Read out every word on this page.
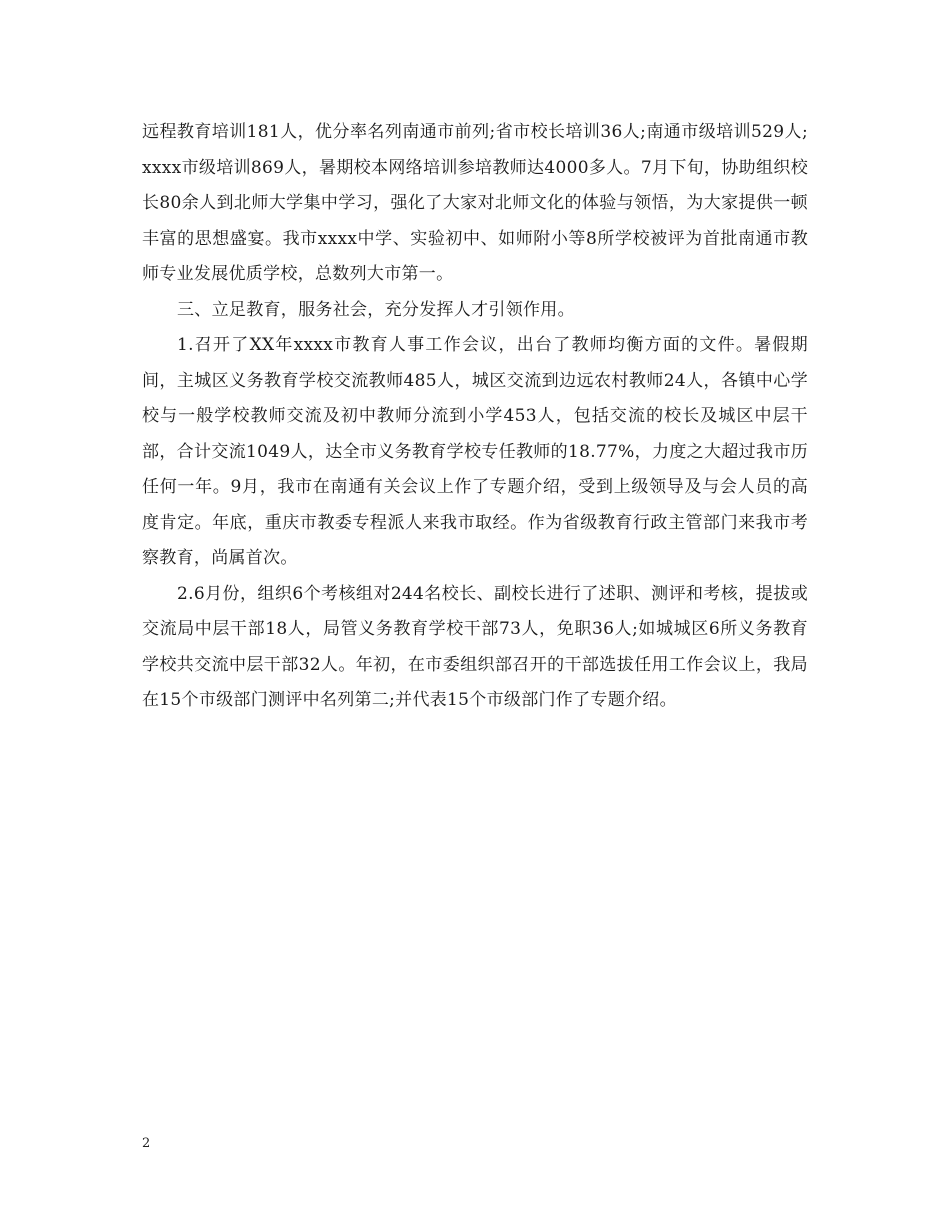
远程教育培训181人，优分率名列南通市前列;省市校长培训36人;南通市级培训529人;xxxx市级培训869人，暑期校本网络培训参培教师达4000多人。7月下旬，协助组织校长80余人到北师大学集中学习，强化了大家对北师文化的体验与领悟，为大家提供一顿丰富的思想盛宴。我市xxxx中学、实验初中、如师附小等8所学校被评为首批南通市教师专业发展优质学校，总数列大市第一。

三、立足教育，服务社会，充分发挥人才引领作用。

1.召开了XX年xxxx市教育人事工作会议，出台了教师均衡方面的文件。暑假期间，主城区义务教育学校交流教师485人，城区交流到边远农村教师24人，各镇中心学校与一般学校教师交流及初中教师分流到小学453人，包括交流的校长及城区中层干部，合计交流1049人，达全市义务教育学校专任教师的18.77%，力度之大超过我市历任何一年。9月，我市在南通有关会议上作了专题介绍，受到上级领导及与会人员的高度肯定。年底，重庆市教委专程派人来我市取经。作为省级教育行政主管部门来我市考察教育，尚属首次。

2.6月份，组织6个考核组对244名校长、副校长进行了述职、测评和考核，提拔或交流局中层干部18人，局管义务教育学校干部73人，免职36人;如城城区6所义务教育学校共交流中层干部32人。年初，在市委组织部召开的干部选拔任用工作会议上，我局在15个市级部门测评中名列第二;并代表15个市级部门作了专题介绍。

2
